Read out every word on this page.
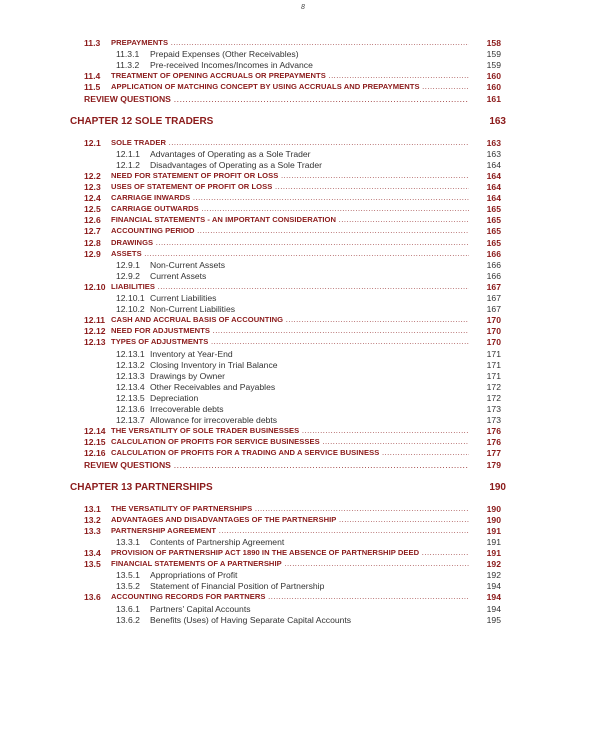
8
11.3 PREPAYMENTS .....	158
11.3.1 Prepaid Expenses (Other Receivables)	159
11.3.2 Pre-received Incomes/Incomes in Advance	159
11.4 TREATMENT OF OPENING ACCRUALS OR PREPAYMENTS .....	160
11.5 APPLICATION OF MATCHING CONCEPT BY USING ACCRUALS AND PREPAYMENTS .....	160
REVIEW QUESTIONS .....	161
CHAPTER 12 SOLE TRADERS	163
12.1 SOLE TRADER .....	163
12.1.1 Advantages of Operating as a Sole Trader	163
12.1.2 Disadvantages of Operating as a Sole Trader	164
12.2 NEED FOR STATEMENT OF PROFIT OR LOSS .....	164
12.3 USES OF STATEMENT OF PROFIT OR LOSS .....	164
12.4 CARRIAGE INWARDS .....	164
12.5 CARRIAGE OUTWARDS .....	165
12.6 FINANCIAL STATEMENTS - AN IMPORTANT CONSIDERATION .....	165
12.7 ACCOUNTING PERIOD .....	165
12.8 DRAWINGS .....	165
12.9 ASSETS .....	166
12.9.1 Non-Current Assets	166
12.9.2 Current Assets	166
12.10 LIABILITIES .....	167
12.10.1 Current Liabilities	167
12.10.2 Non-Current Liabilities	167
12.11 CASH AND ACCRUAL BASIS OF ACCOUNTING .....	170
12.12 NEED FOR ADJUSTMENTS .....	170
12.13 TYPES OF ADJUSTMENTS .....	170
12.13.1 Inventory at Year-End	171
12.13.2 Closing Inventory in Trial Balance	171
12.13.3 Drawings by Owner	171
12.13.4 Other Receivables and Payables	172
12.13.5 Depreciation	172
12.13.6 Irrecoverable debts	173
12.13.7 Allowance for irrecoverable debts	173
12.14 THE VERSATILITY OF SOLE TRADER BUSINESSES .....	176
12.15 CALCULATION OF PROFITS FOR SERVICE BUSINESSES .....	176
12.16 CALCULATION OF PROFITS FOR A TRADING AND A SERVICE BUSINESS .....	177
REVIEW QUESTIONS .....	179
CHAPTER 13 PARTNERSHIPS	190
13.1 THE VERSATILITY OF PARTNERSHIPS .....	190
13.2 ADVANTAGES AND DISADVANTAGES OF THE PARTNERSHIP .....	190
13.3 PARTNERSHIP AGREEMENT .....	191
13.3.1 Contents of Partnership Agreement	191
13.4 PROVISION OF PARTNERSHIP ACT 1890 IN THE ABSENCE OF PARTNERSHIP DEED .....	191
13.5 FINANCIAL STATEMENTS OF A PARTNERSHIP .....	192
13.5.1 Appropriations of Profit	192
13.5.2 Statement of Financial Position of Partnership	194
13.6 ACCOUNTING RECORDS FOR PARTNERS .....	194
13.6.1 Partners' Capital Accounts	194
13.6.2 Benefits (Uses) of Having Separate Capital Accounts	195
